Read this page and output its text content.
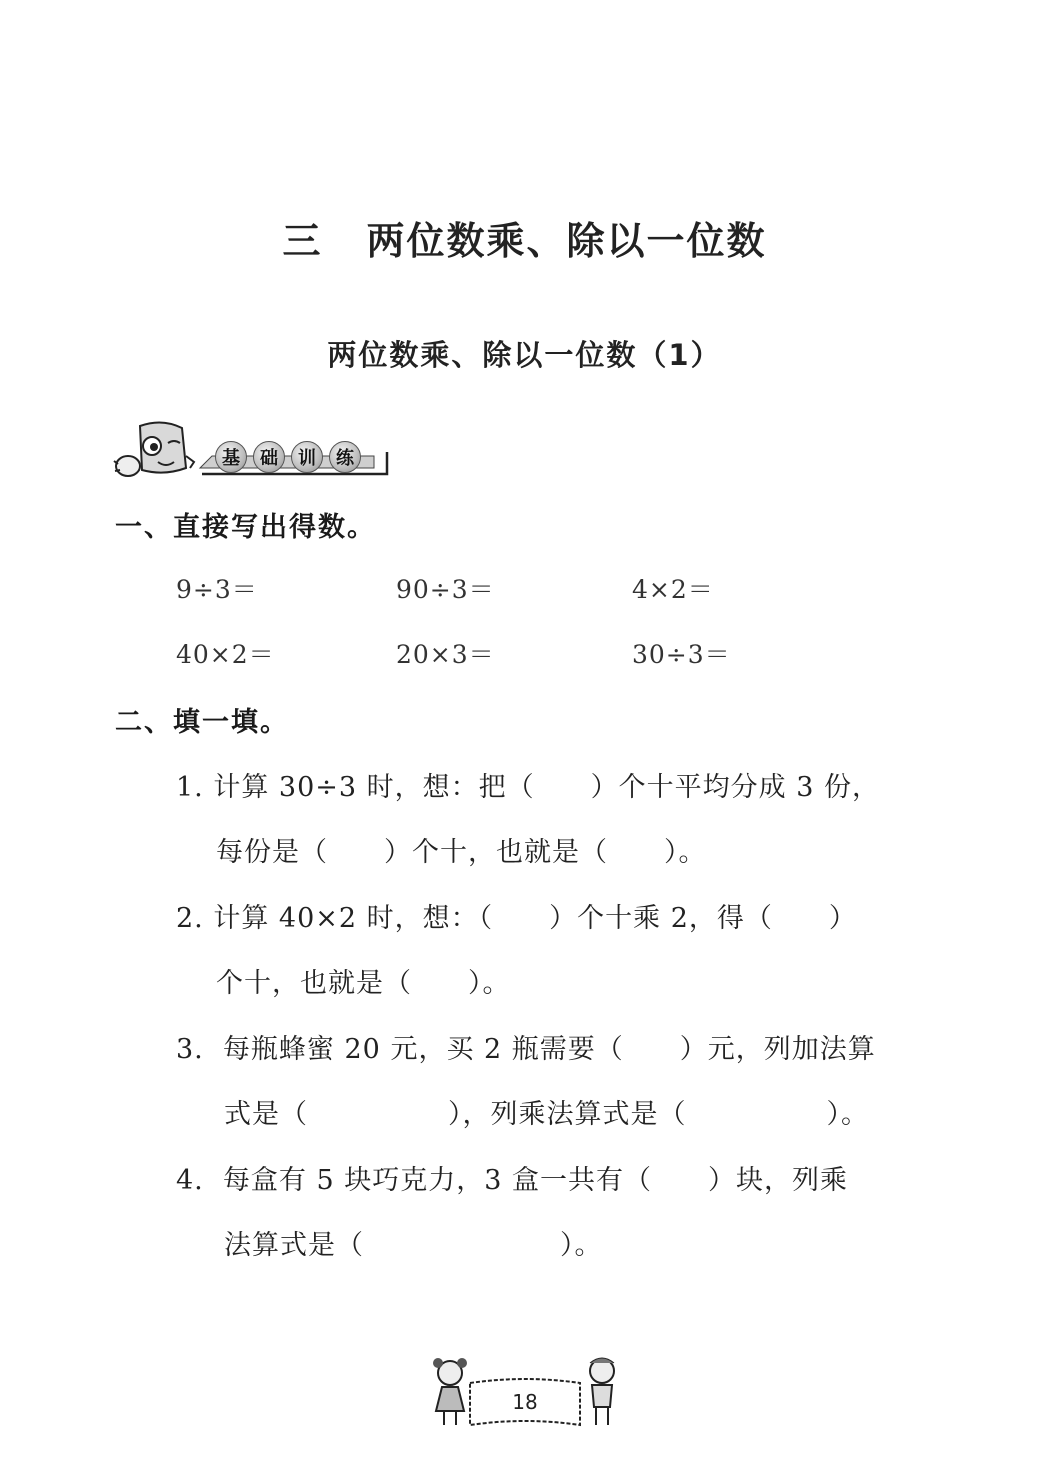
三 两位数乘、除以一位数
两位数乘、除以一位数（1）
基	础	训	练
一、直接写出得数。
9÷3＝	90÷3＝	4×2＝
40×2＝	20×3＝	30÷3＝
二、填一填。
1. 计算 30÷3 时，想：把（　　）个十平均分成 3 份，
每份是（　　）个十，也就是（　　）。
2. 计算 40×2 时，想：（　　）个十乘 2，得（　　）
个十，也就是（　　）。
3.  每瓶蜂蜜 20 元，买 2 瓶需要（　　）元，列加法算
式是（　　　　　），列乘法算式是（　　　　　）。
4.  每盒有 5 块巧克力，3 盒一共有（　　）块，列乘
法算式是（　　　　　　　）。
18
